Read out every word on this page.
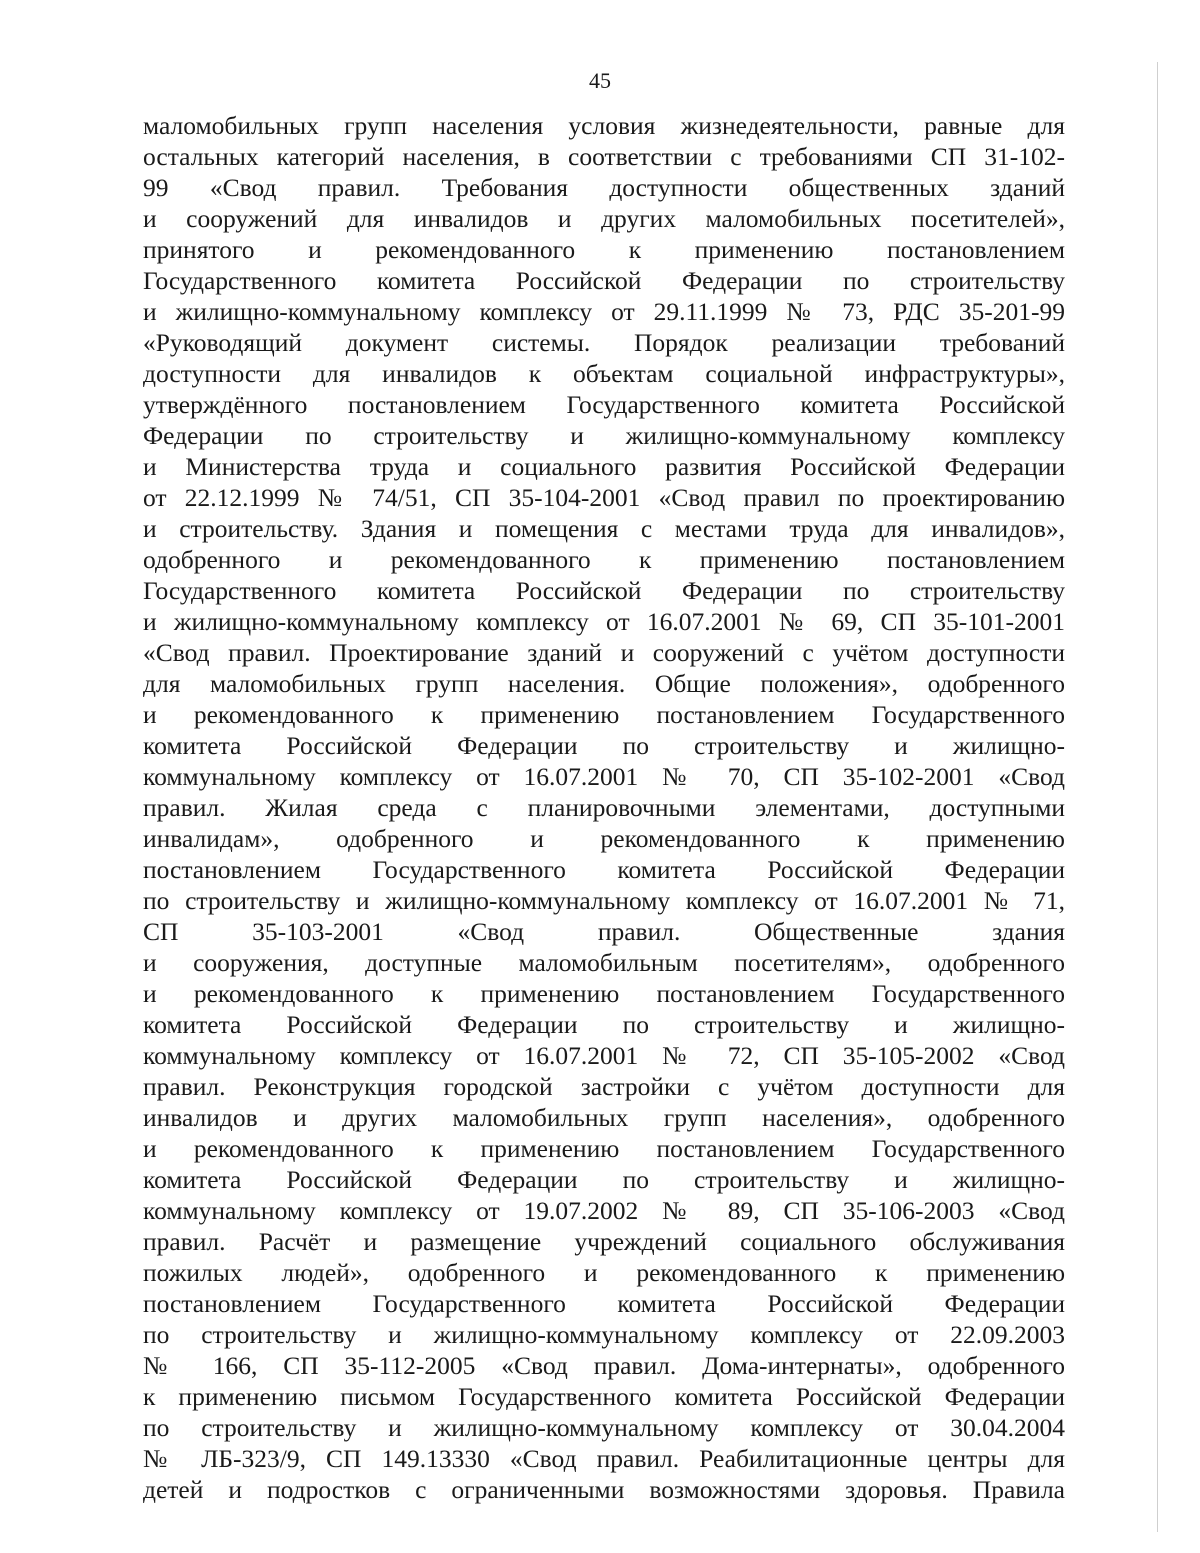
45
маломобильных групп населения условия жизнедеятельности, равные для
остальных категорий населения, в соответствии с требованиями СП 31-102-
99 «Свод правил. Требования доступности общественных зданий
и сооружений для инвалидов и других маломобильных посетителей»,
принятого и рекомендованного к применению постановлением
Государственного комитета Российской Федерации по строительству
и жилищно-коммунальному комплексу от 29.11.1999 № 73, РДС 35-201-99
«Руководящий документ системы. Порядок реализации требований
доступности для инвалидов к объектам социальной инфраструктуры»,
утверждённого постановлением Государственного комитета Российской
Федерации по строительству и жилищно-коммунальному комплексу
и Министерства труда и социального развития Российской Федерации
от 22.12.1999 № 74/51, СП 35-104-2001 «Свод правил по проектированию
и строительству. Здания и помещения с местами труда для инвалидов»,
одобренного и рекомендованного к применению постановлением
Государственного комитета Российской Федерации по строительству
и жилищно-коммунальному комплексу от 16.07.2001 № 69, СП 35-101-2001
«Свод правил. Проектирование зданий и сооружений с учётом доступности
для маломобильных групп населения. Общие положения», одобренного
и рекомендованного к применению постановлением Государственного
комитета Российской Федерации по строительству и жилищно-
коммунальному комплексу от 16.07.2001 № 70, СП 35-102-2001 «Свод
правил. Жилая среда с планировочными элементами, доступными
инвалидам», одобренного и рекомендованного к применению
постановлением Государственного комитета Российской Федерации
по строительству и жилищно-коммунальному комплексу от 16.07.2001 № 71,
СП 35-103-2001 «Свод правил. Общественные здания
и сооружения, доступные маломобильным посетителям», одобренного
и рекомендованного к применению постановлением Государственного
комитета Российской Федерации по строительству и жилищно-
коммунальному комплексу от 16.07.2001 № 72, СП 35-105-2002 «Свод
правил. Реконструкция городской застройки с учётом доступности для
инвалидов и других маломобильных групп населения», одобренного
и рекомендованного к применению постановлением Государственного
комитета Российской Федерации по строительству и жилищно-
коммунальному комплексу от 19.07.2002 № 89, СП 35-106-2003 «Свод
правил. Расчёт и размещение учреждений социального обслуживания
пожилых людей», одобренного и рекомендованного к применению
постановлением Государственного комитета Российской Федерации
по строительству и жилищно-коммунальному комплексу от 22.09.2003
№ 166, СП 35-112-2005 «Свод правил. Дома-интернаты», одобренного
к применению письмом Государственного комитета Российской Федерации
по строительству и жилищно-коммунальному комплексу от 30.04.2004
№ ЛБ-323/9, СП 149.13330 «Свод правил. Реабилитационные центры для
детей и подростков с ограниченными возможностями здоровья. Правила
